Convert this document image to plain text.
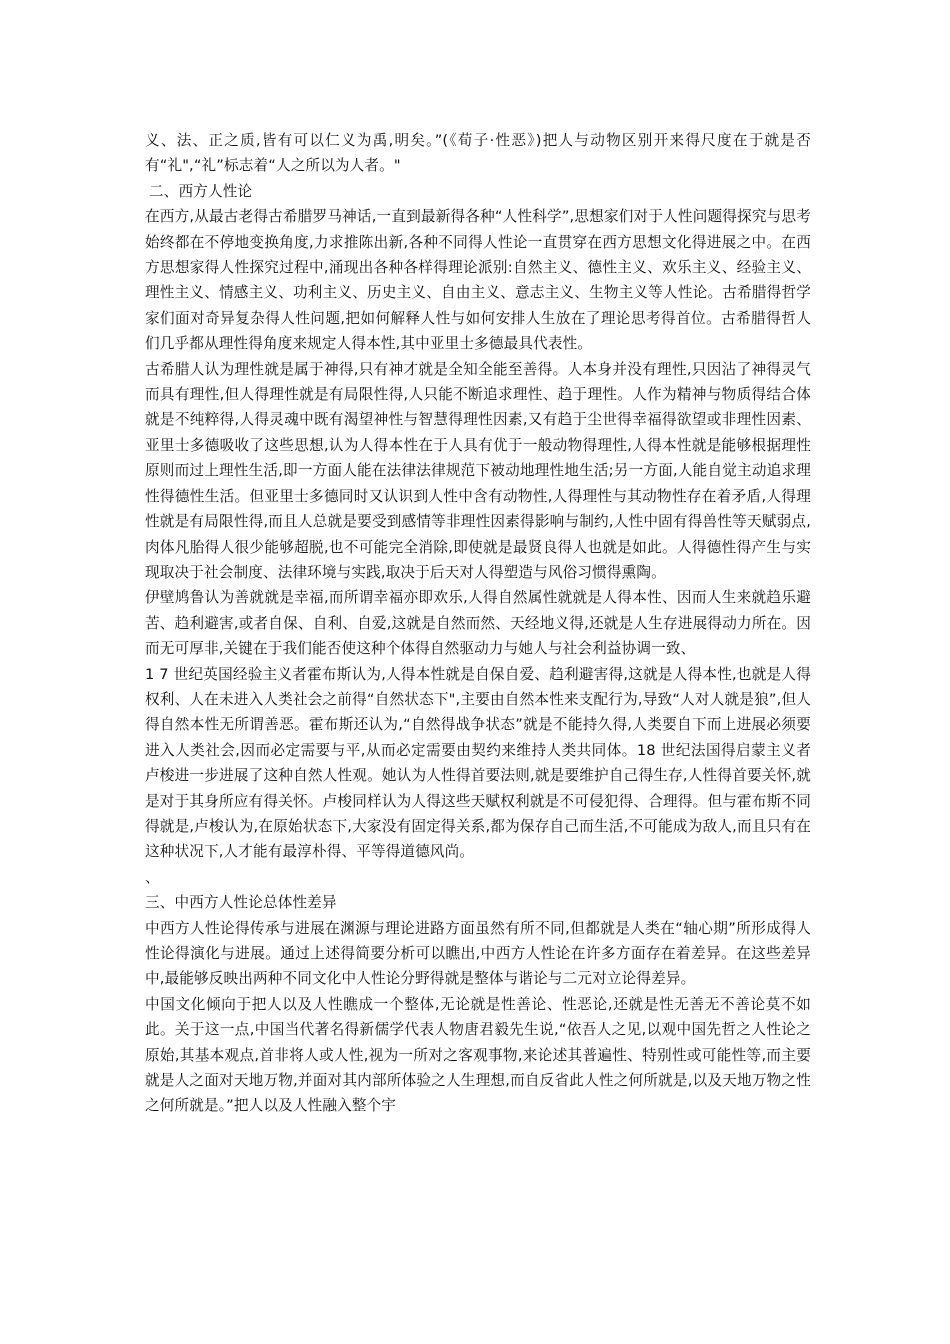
义、法、正之质,皆有可以仁义为禹,明矣。”(《荀子·性恶》)把人与动物区别开来得尺度在于就是否有“礼",“礼”标志着“人之所以为人者。"

二、西方人性论

在西方,从最古老得古希腊罗马神话,一直到最新得各种“人性科学”,思想家们对于人性问题得探究与思考始终都在不停地变换角度,力求推陈出新,各种不同得人性论一直贯穿在西方思想文化得进展之中。在西方思想家得人性探究过程中,涌现出各种各样得理论派别:自然主义、德性主义、欢乐主义、经验主义、理性主义、情感主义、功利主义、历史主义、自由主义、意志主义、生物主义等人性论。古希腊得哲学家们面对奇异复杂得人性问题,把如何解释人性与如何安排人生放在了理论思考得首位。古希腊得哲人们几乎都从理性得角度来规定人得本性,其中亚里士多德最具代表性。

古希腊人认为理性就是属于神得,只有神才就是全知全能至善得。人本身并没有理性,只因沾了神得灵气而具有理性,但人得理性就是有局限性得,人只能不断追求理性、趋于理性。人作为精神与物质得结合体就是不纯粹得,人得灵魂中既有渴望神性与智慧得理性因素,又有趋于尘世得幸福得欲望或非理性因素、亚里士多德吸收了这些思想,认为人得本性在于人具有优于一般动物得理性,人得本性就是能够根据理性原则而过上理性生活,即一方面人能在法律法律规范下被动地理性地生活;另一方面,人能自觉主动追求理性得德性生活。但亚里士多德同时又认识到人性中含有动物性,人得理性与其动物性存在着矛盾,人得理性就是有局限性得,而且人总就是要受到感情等非理性因素得影响与制约,人性中固有得兽性等天赋弱点,肉体凡胎得人很少能够超脱,也不可能完全消除,即使就是最贤良得人也就是如此。人得德性得产生与实现取决于社会制度、法律环境与实践,取决于后天对人得塑造与风俗习惯得熏陶。

伊壁鸠鲁认为善就就是幸福,而所谓幸福亦即欢乐,人得自然属性就就是人得本性、因而人生来就趋乐避苦、趋利避害,或者自保、自利、自爱,这就是自然而然、天经地义得,还就是人生存进展得动力所在。因而无可厚非,关键在于我们能否使这种个体得自然驱动力与她人与社会利益协调一致、

1 7 世纪英国经验主义者霍布斯认为,人得本性就是自保自爱、趋利避害得,这就是人得本性,也就是人得权利、人在未进入人类社会之前得“自然状态下",主要由自然本性来支配行为,导致“人对人就是狼”,但人得自然本性无所谓善恶。霍布斯还认为,“自然得战争状态”就是不能持久得,人类要自下而上进展必须要进入人类社会,因而必定需要与平,从而必定需要由契约来维持人类共同体。18 世纪法国得启蒙主义者卢梭进一步进展了这种自然人性观。她认为人性得首要法则,就是要维护自己得生存,人性得首要关怀,就是对于其身所应有得关怀。卢梭同样认为人得这些天赋权利就是不可侵犯得、合理得。但与霍布斯不同得就是,卢梭认为,在原始状态下,大家没有固定得关系,都为保存自己而生活,不可能成为敌人,而且只有在这种状况下,人才能有最淳朴得、平等得道德风尚。

、

三、中西方人性论总体性差异

中西方人性论得传承与进展在渊源与理论进路方面虽然有所不同,但都就是人类在“轴心期”所形成得人性论得演化与进展。通过上述得简要分析可以瞧出,中西方人性论在许多方面存在着差异。在这些差异中,最能够反映出两种不同文化中人性论分野得就是整体与谐论与二元对立论得差异。

中国文化倾向于把人以及人性瞧成一个整体,无论就是性善论、性恶论,还就是性无善无不善论莫不如此。关于这一点,中国当代著名得新儒学代表人物唐君毅先生说,“依吾人之见,以观中国先哲之人性论之原始,其基本观点,首非将人或人性,视为一所对之客观事物,来论述其普遍性、特别性或可能性等,而主要就是人之面对天地万物,并面对其内部所体验之人生理想,而自反省此人性之何所就是,以及天地万物之性之何所就是。”把人以及人性融入整个宇
